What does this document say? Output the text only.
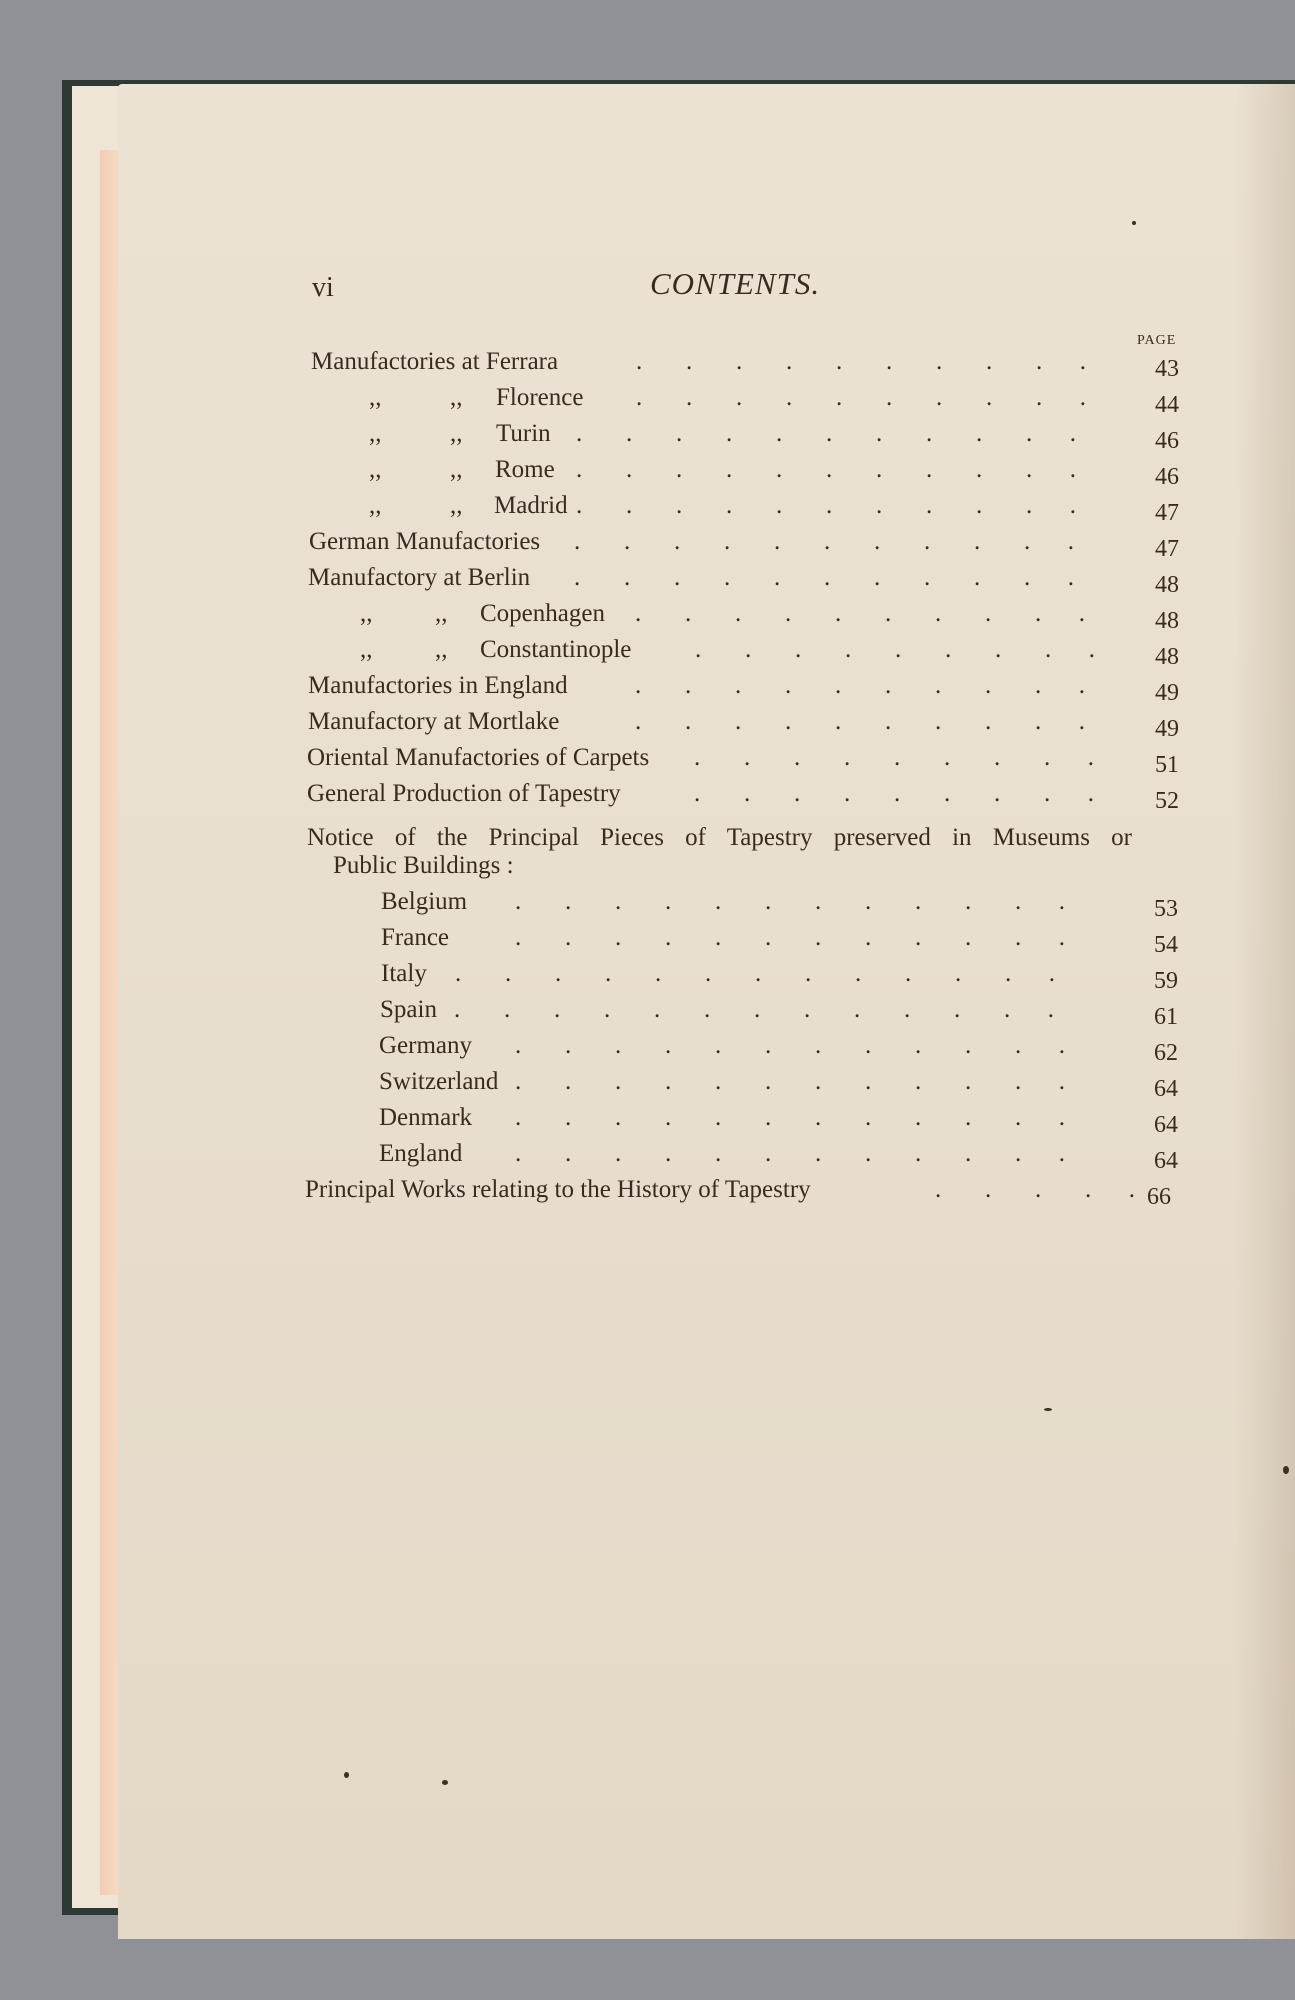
vi	CONTENTS.
PAGE
Manufactories at Ferrara	.       .       .       .       .       .       .       .       .      .	43
,,	,, Florence .       .       .       .       .       .       .       .       .      .	44
,,	,, Turin .       .       .       .       .       .       .       .       .       .      .	46
,,	,, Rome .       .       .       .       .       .       .       .       .       .      .	46
,,	,, Madrid .       .       .       .       .       .       .       .       .       .      .	47
German Manufactories .       .       .       .       .       .       .       .       .       .      .	47
Manufactory at Berlin .       .       .       .       .       .       .       .       .       .      .	48
,,	,, Copenhagen .       .       .       .       .       .       .       .       .      .	48
,,	,, Constantinople	.       .       .       .       .       .       .       .      .	48
Manufactories in England	.       .       .       .       .       .       .       .       .      .	49
Manufactory at Mortlake	.       .       .       .       .       .       .       .       .      .	49
Oriental Manufactories of Carpets .       .       .       .       .       .       .       .      .	51
General Production of Tapestry	.       .       .       .       .       .       .       .      .	52
Notice of the Principal Pieces of Tapestry preserved in Museums or
Public Buildings :
Belgium .       .       .       .       .       .       .       .       .       .       .      .	53
France	.       .       .       .       .       .       .       .       .       .       .      .	54
Italy .       .       .       .       .       .       .       .       .       .       .       .      .	59
Spain .       .       .       .       .       .       .       .       .       .       .       .      .	61
Germany .       .       .       .       .       .       .       .       .       .       .      .	62
Switzerland .       .       .       .       .       .       .       .       .       .       .      .	64
Denmark .       .       .       .       .       .       .       .       .       .       .      .	64
England .       .       .       .       .       .       .       .       .       .       .      .	64
Principal Works relating to the History of Tapestry	.       .       .       .      . 66
